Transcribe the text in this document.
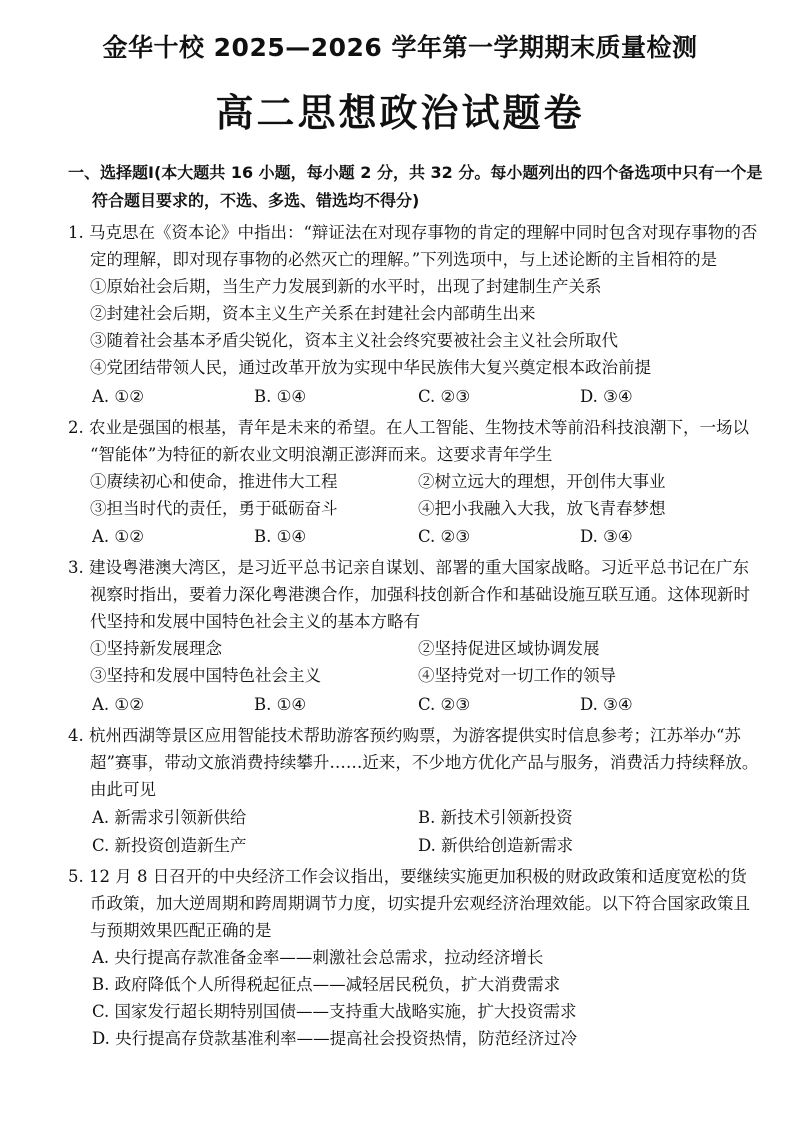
金华十校 2025—2026 学年第一学期期末质量检测
高二思想政治试题卷
一、选择题Ⅰ(本大题共 16 小题，每小题 2 分，共 32 分。每小题列出的四个备选项中只有一个是
符合题目要求的，不选、多选、错选均不得分)
1. 马克思在《资本论》中指出：“辩证法在对现存事物的肯定的理解中同时包含对现存事物的否
定的理解，即对现存事物的必然灭亡的理解。”下列选项中，与上述论断的主旨相符的是
①原始社会后期，当生产力发展到新的水平时，出现了封建制生产关系
②封建社会后期，资本主义生产关系在封建社会内部萌生出来
③随着社会基本矛盾尖锐化，资本主义社会终究要被社会主义社会所取代
④党团结带领人民，通过改革开放为实现中华民族伟大复兴奠定根本政治前提
A. ①②	B. ①④	C. ②③	D. ③④
2. 农业是强国的根基，青年是未来的希望。在人工智能、生物技术等前沿科技浪潮下，一场以
“智能体”为特征的新农业文明浪潮正澎湃而来。这要求青年学生
①赓续初心和使命，推进伟大工程	②树立远大的理想，开创伟大事业
③担当时代的责任，勇于砥砺奋斗	④把小我融入大我，放飞青春梦想
A. ①②	B. ①④	C. ②③	D. ③④
3. 建设粤港澳大湾区，是习近平总书记亲自谋划、部署的重大国家战略。习近平总书记在广东
视察时指出，要着力深化粤港澳合作，加强科技创新合作和基础设施互联互通。这体现新时
代坚持和发展中国特色社会主义的基本方略有
①坚持新发展理念	②坚持促进区域协调发展
③坚持和发展中国特色社会主义	④坚持党对一切工作的领导
A. ①②	B. ①④	C. ②③	D. ③④
4. 杭州西湖等景区应用智能技术帮助游客预约购票，为游客提供实时信息参考；江苏举办“苏
超”赛事，带动文旅消费持续攀升……近来，不少地方优化产品与服务，消费活力持续释放。
由此可见
A. 新需求引领新供给	B. 新技术引领新投资
C. 新投资创造新生产	D. 新供给创造新需求
5. 12 月 8 日召开的中央经济工作会议指出，要继续实施更加积极的财政政策和适度宽松的货
币政策，加大逆周期和跨周期调节力度，切实提升宏观经济治理效能。以下符合国家政策且
与预期效果匹配正确的是
A. 央行提高存款准备金率——刺激社会总需求，拉动经济增长
B. 政府降低个人所得税起征点——减轻居民税负，扩大消费需求
C. 国家发行超长期特别国债——支持重大战略实施，扩大投资需求
D. 央行提高存贷款基准利率——提高社会投资热情，防范经济过冷
